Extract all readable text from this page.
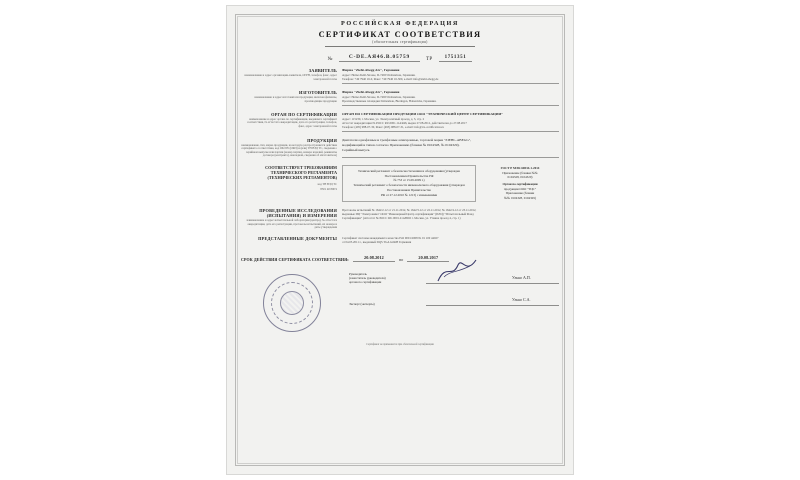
РОССИЙСКАЯ ФЕДЕРАЦИЯ
СЕРТИФИКАТ СООТВЕТСТВИЯ
(обязательная сертификация)
№	С-DE.АЯ46.В.05759	ТР	1751351
ЗАЯВИТЕЛЬ
наименование и адрес организации-заявителя, ОГРН, телефон, факс, адрес электронной почты
Фирма "Ziehl-Abegg AG", Германия
Адрес: Heinz-Ziehl-Strasse, D-74653 Künzelsau, Германия.
Телефон: +49 7940 16-0, Факс: +49 7940 16-300, e-mail: info@ziehl-abegg.de
ИЗГОТОВИТЕЛЬ
наименование и адрес изготовителя продукции, включая филиалы, производящие продукцию
Фирма "Ziehl-Abegg AG", Германия
Адрес: Heinz-Ziehl-Strasse, D-74653 Künzelsau, Германия.
Производственные площадки: Künzelsau, Bieringen, Hohenlohe, Германия.
ОРГАН ПО СЕРТИФИКАЦИИ
наименование и адрес органа по сертификации, выдавшего сертификат соответствия, № аттестата аккредитации, дата его регистрации, телефон, факс, адрес электронной почты
ОРГАН ПО СЕРТИФИКАЦИИ ПРОДУКЦИИ ООО "ТЕХНИЧЕСКИЙ ЦЕНТР СЕРТИФИКАЦИИ"
Адрес: 115230, г. Москва, ул. Электролитный проезд, д. 3, стр. 2
Аттестат аккредитации № РОСС RU.0001.11АЯ46, выдан 27.08.2012, действителен до 27.08.2017
Телефон: (495) 988-07-30, Факс: (495) 988-07-31, e-mail: info@tcs-certification.ru
ПРОДУКЦИЯ
наименование, тип, марка продукции, на которую распространяется действие сертификата соответствия, код ОК 005 (ОКП) и (или) ТН ВЭД ТС, сведения о серийном выпуске или партии (номер партии, номера изделий, реквизиты договора (контракта), накладной, сведения об изготовителе)
Двигатели однофазные и трехфазные асинхронные, торговой марки "ZIEHL-ABEGG",
модификаций и типов согласно Приложению (бланки № 0104328, № 0104329).
Серийный выпуск.
СООТВЕТСТВУЕТ ТРЕБОВАНИЯМ ТЕХНИЧЕСКОГО РЕГЛАМЕНТА (ТЕХНИЧЕСКИХ РЕГЛАМЕНТОВ)
код ТН ВЭД ТС
8501 40 800 9
Технический регламент о безопасности машин и оборудования (утвержден Постановлением Правительства РФ
№ 753 от 15.09.2009 г.)
Технический регламент о безопасности низковольтного оборудования (утвержден Постановлением Правительства
РФ от 27.12.2010 № 1213) с изменениями
ГОСТ Р МЭК 60034-1-2014
Приложение (бланки №№
0104328, 0104329)
Орган по сертификации
продукции ООО "ТЦС"
Приложение (бланки
№№ 0104328, 0104329)
ПРОВЕДЕННЫЕ ИССЛЕДОВАНИЯ (ИСПЫТАНИЯ) И ИЗМЕРЕНИЯ
наименование и адрес испытательной лаборатории (центра), № аттестата аккредитации, дата его регистрации, протоколы испытаний, их номера и даты утверждения
Протоколы испытаний № 1642/2-12 от 21.11.2012, № 1642/3-12 от 22.11.2012, № 1642/4-12 от 23.11.2012,
выданные ИЦ "Электроника" ООО "Инженерный Центр сертификации" (ИЛЦ) "Испытательный Фонд
Сертификации" (Аттестат № РОСС RU.0001.21АЮ02 г. Москва, ул. Уткина проезд 4, стр. 1)
ПРЕДСТАВЛЕННЫЕ ДОКУМЕНТЫ Сертификат системы менеджмента качества ISO 9001:2008 № 01 100 44027
от 04.05.2011 г., выданный DQS TGA GmbH Германия
СРОК ДЕЙСТВИЯ СЕРТИФИКАТА СООТВЕТСТВИЯ с	20.08.2012	по	20.08.2017
Руководитель
(заместитель руководителя)
органа по сертификации
Улько А.П.
Эксперт (эксперты)
Улько С.А.
Сертификат не применяется при обязательной сертификации
